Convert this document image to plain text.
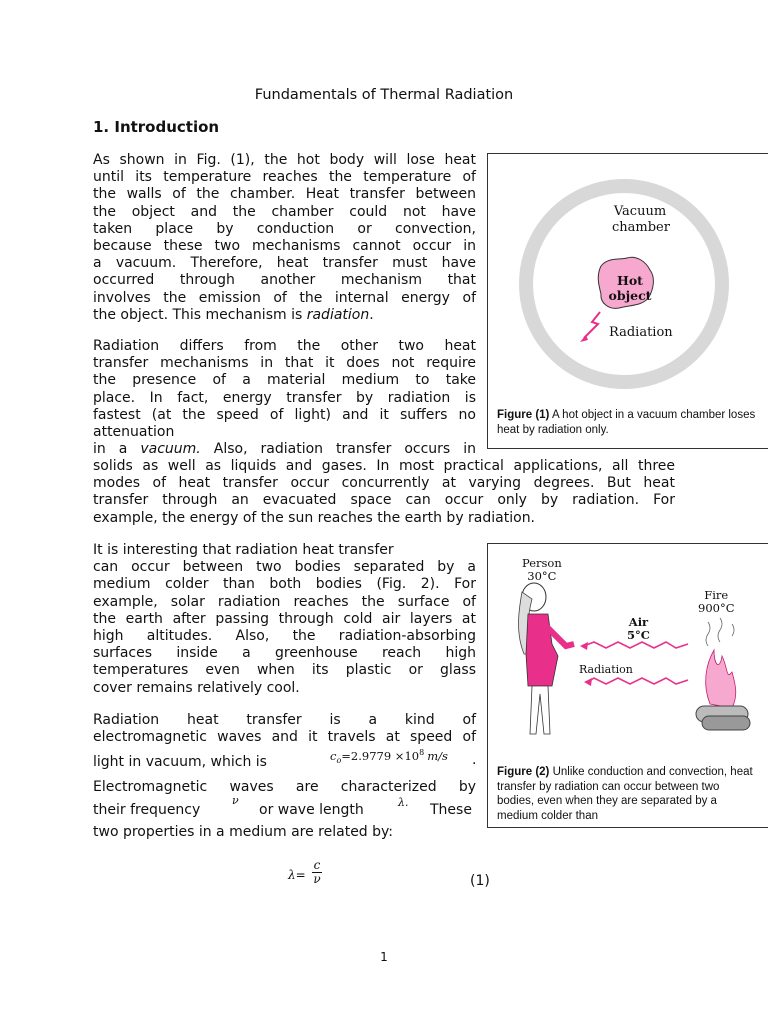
Fundamentals of Thermal Radiation
1. Introduction
As shown in Fig. (1), the hot body will lose heat
until its temperature reaches the temperature of
the walls of the chamber. Heat transfer between
the object and the chamber could not have
taken place by conduction or convection,
because these two mechanisms cannot occur in
a vacuum. Therefore, heat transfer must have
occurred through another mechanism that
involves the emission of the internal energy of
the object. This mechanism is radiation.
Radiation differs from the other two heat
transfer mechanisms in that it does not require
the presence of a material medium to take
place. In fact, energy transfer by radiation is
fastest (at the speed of light) and it suffers no
attenuation
in a vacuum. Also, radiation transfer occurs in
solids as well as liquids and gases. In most practical applications, all three
modes of heat transfer occur concurrently at varying degrees. But heat
transfer through an evacuated space can occur only by radiation. For
example, the energy of the sun reaches the earth by radiation.
It is interesting that radiation heat transfer
can occur between two bodies separated by a
medium colder than both bodies (Fig. 2). For
example, solar radiation reaches the surface of
the earth after passing through cold air layers at
high altitudes. Also, the radiation-absorbing
surfaces inside a greenhouse reach high
temperatures even when its plastic or glass
cover remains relatively cool.
Radiation heat transfer is a kind of
electromagnetic waves and it travels at speed of
light in vacuum, which is	$c_o=2.9779 \times 10^8$ m/s .
Electromagnetic waves are characterized by
their frequency
ν
or wave length	λ. These
two properties in a medium are related by:
λ=
c
ν	(1)
Vacuum
chamber
Hot
object
Radiation
Figure (1) A hot object in a vacuum chamber loses heat by radiation only.
Person
30°C
Fire
900°C
Air
5°C
Radiation
Figure (2) Unlike conduction and convection, heat transfer by radiation can occur between two bodies, even when they are separated by a medium colder than
1
